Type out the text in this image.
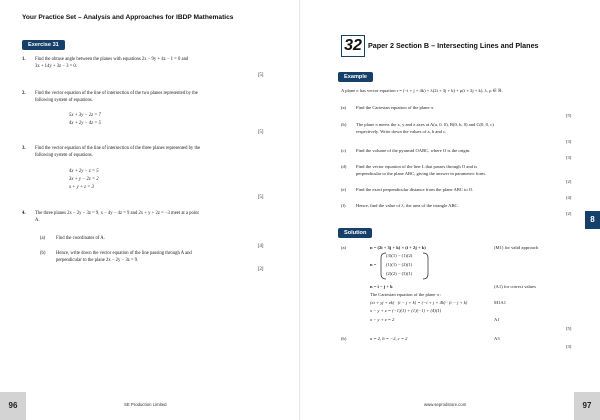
Your Practice Set – Analysis and Approaches for IBDP Mathematics
Exercise 31
1. Find the obtuse angle between the planes with equations 2x − 9y + 4z − 1 = 0 and
3x + 14y + 3z − 3 = 0.
[5]
2. Find the vector equation of the line of intersection of the two planes represented by the
following system of equations.
5x + 3y − 2z = 7
4x + 2y − 4z = 5
[5]
3. Find the vector equation of the line of intersection of the three planes represented by the
following system of equations.
4x + 2y − z = 5
3x + y − 2z = 2
x + y + z = 3
[5]
4. The three planes 2x − 2y − 3z = 9, x − 4y − 4z = 9 and 2x + y + 2z = −3 meet at a point
A.
(a) Find the coordinates of A.
[4]
(b) Hence, write down the vector equation of the line passing through A and
perpendicular to the plane 2x − 2y − 3z = 9.
[2]
96	SE Production Limited
32 Paper 2 Section B – Intersecting Lines and Planes
Example
A plane π has vector equation r = (−i + j + 4k) + λ(2i + 3j + k) + μ(i + 2j + k), λ, μ ∈ ℝ.
(a) Find the Cartesian equation of the plane π.
[5]
(b) The plane π meets the x, y and z axes at A(a, 0, 0), B(0, b, 0) and C(0, 0, c)
respectively. Write down the values of a, b and c.
[3]
(c) Find the volume of the pyramid OABC, where O is the origin.
[3]
(d) Find the vector equation of the line L that passes through O and is
perpendicular to the plane ABC, giving the answer in parametric form.
[2]
(e) Find the exact perpendicular distance from the plane ABC to O.
[4]
(f) Hence, find the value of λ, the area of the triangle ABC.
[2]
Solution
(a)	n = (2i + 3j + k) × (i + 2j + k)	(M1) for valid approach
n =
(3)(1) − (1)(2)
(1)(1) − (2)(1)
(2)(2) − (3)(1)
n = i − j + k	(A1) for correct values
The Cartesian equation of the plane π :
(xi + yj + zk) · (i − j + k) = (−i + j + 4k) · (i − j + k)	M1A1
x − y + z = (−1)(1) + (1)(−1) + (4)(1)
x − y + z = 2	A1
[5]
(b)	a = 2, b = −2, c = 2	A3
[3]
8
97
www.seprodstore.com
